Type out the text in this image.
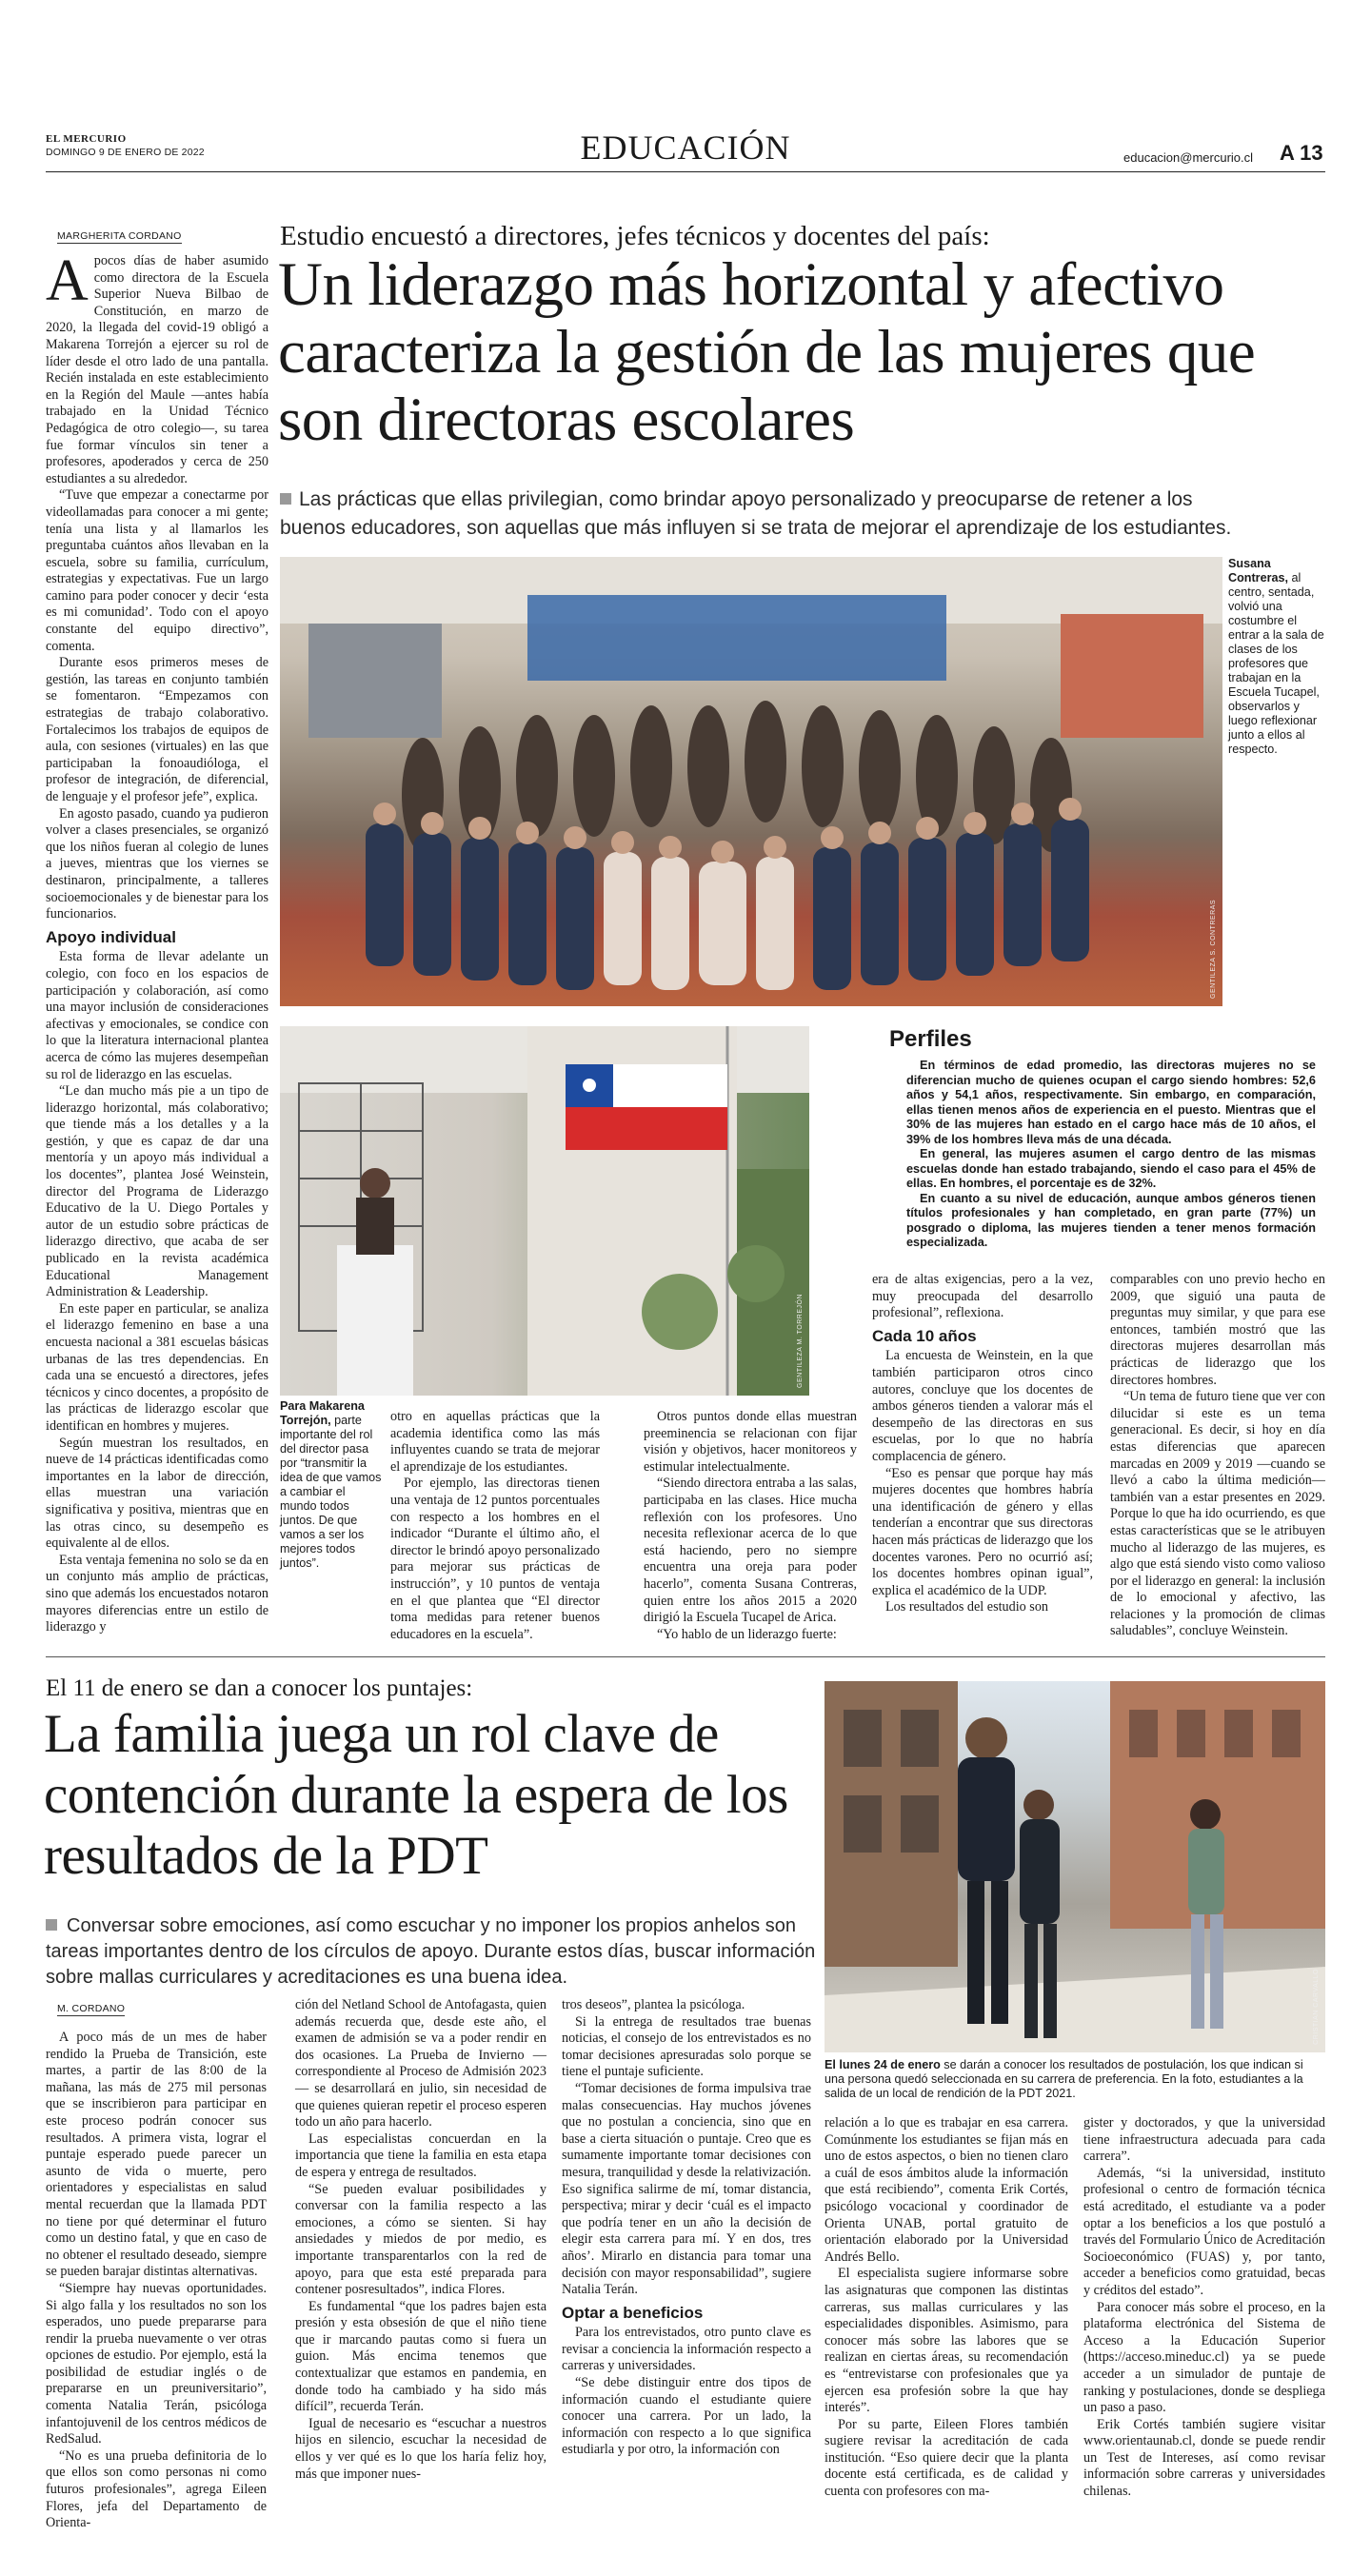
EL MERCURIO
DOMINGO 9 DE ENERO DE 2022	EDUCACIÓN	educacion@mercurio.cl A 13
Estudio encuestó a directores, jefes técnicos y docentes del país:
Un liderazgo más horizontal y afectivo caracteriza la gestión de las mujeres que son directoras escolares
Las prácticas que ellas privilegian, como brindar apoyo personalizado y preocuparse de retener a los buenos educadores, son aquellas que más influyen si se trata de mejorar el aprendizaje de los estudiantes.
MARGHERITA CORDANO
A pocos días de haber asumido como directora de la Escuela Superior Nueva Bilbao de Constitución, en marzo de 2020, la llegada del covid-19 obligó a Makarena Torrejón a ejercer su rol de líder desde el otro lado de una pantalla. Recién instalada en este establecimiento en la Región del Maule —antes había trabajado en la Unidad Técnico Pedagógica de otro colegio—, su tarea fue formar vínculos sin tener a profesores, apoderados y cerca de 250 estudiantes a su alrededor.

“Tuve que empezar a conectarme por videollamadas para conocer a mi gente; tenía una lista y al llamarlos les preguntaba cuántos años llevaban en la escuela, sobre su familia, currículum, estrategias y expectativas. Fue un largo camino para poder conocer y decir ‘esta es mi comunidad’. Todo con el apoyo constante del equipo directivo”, comenta.

Durante esos primeros meses de gestión, las tareas en conjunto también se fomentaron. “Empezamos con estrategias de trabajo colaborativo. Fortalecimos los trabajos de equipos de aula, con sesiones (virtuales) en las que participaban la fonoaudióloga, el profesor de integración, de diferencial, de lenguaje y el profesor jefe”, explica.

En agosto pasado, cuando ya pudieron volver a clases presenciales, se organizó que los niños fueran al colegio de lunes a jueves, mientras que los viernes se destinaron, principalmente, a talleres socioemocionales y de bienestar para los funcionarios.

Apoyo individual

Esta forma de llevar adelante un colegio, con foco en los espacios de participación y colaboración, así como una mayor inclusión de consideraciones afectivas y emocionales, se condice con lo que la literatura internacional plantea acerca de cómo las mujeres desempeñan su rol de liderazgo en las escuelas.

“Le dan mucho más pie a un tipo de liderazgo horizontal, más colaborativo; que tiende más a los detalles y a la gestión, y que es capaz de dar una mentoría y un apoyo más individual a los docentes”, plantea José Weinstein, director del Programa de Liderazgo Educativo de la U. Diego Portales y autor de un estudio sobre prácticas de liderazgo directivo, que acaba de ser publicado en la revista académica Educational Management Administration & Leadership.

En este paper en particular, se analiza el liderazgo femenino en base a una encuesta nacional a 381 escuelas básicas urbanas de las tres dependencias. En cada una se encuestó a directores, jefes técnicos y cinco docentes, a propósito de las prácticas de liderazgo escolar que identifican en hombres y mujeres.

Según muestran los resultados, en nueve de 14 prácticas identificadas como importantes en la labor de dirección, ellas muestran una variación significativa y positiva, mientras que en las otras cinco, su desempeño es equivalente al de ellos.

Esta ventaja femenina no solo se da en un conjunto más amplio de prácticas, sino que además los encuestados notaron mayores diferencias entre un estilo de liderazgo y

GENTILEZA S. CONTRERAS
Susana Contreras, al centro, sentada, volvió una costumbre el entrar a la sala de clases de los profesores que trabajan en la Escuela Tucapel, observarlos y luego reflexionar junto a ellos al respecto.
GENTILEZA M. TORREJÓN
Para Makarena Torrejón, parte importante del rol del director pasa por “transmitir la idea de que vamos a cambiar el mundo todos juntos. De que vamos a ser los mejores todos juntos”.
Perfiles

En términos de edad promedio, las directoras mujeres no se diferencian mucho de quienes ocupan el cargo siendo hombres: 52,6 años y 54,1 años, respectivamente. Sin embargo, en comparación, ellas tienen menos años de experiencia en el puesto. Mientras que el 30% de las mujeres han estado en el cargo hace más de 10 años, el 39% de los hombres lleva más de una década.

En general, las mujeres asumen el cargo dentro de las mismas escuelas donde han estado trabajando, siendo el caso para el 45% de ellas. En hombres, el porcentaje es de 32%.

En cuanto a su nivel de educación, aunque ambos géneros tienen títulos profesionales y han completado, en gran parte (77%) un posgrado o diploma, las mujeres tienden a tener menos formación especializada.

otro en aquellas prácticas que la academia identifica como las más influyentes cuando se trata de mejorar el aprendizaje de los estudiantes.

Por ejemplo, las directoras tienen una ventaja de 12 puntos porcentuales con respecto a los hombres en el indicador “Durante el último año, el director le brindó apoyo personalizado para mejorar sus prácticas de instrucción”, y 10 puntos de ventaja en el que plantea que “El director toma medidas para retener buenos educadores en la escuela”.

Otros puntos donde ellas muestran preeminencia se relacionan con fijar visión y objetivos, hacer monitoreos y estimular intelectualmente.

“Siendo directora entraba a las salas, participaba en las clases. Hice mucha reflexión con los profesores. Uno necesita reflexionar acerca de lo que está haciendo, pero no siempre encuentra una oreja para poder hacerlo”, comenta Susana Contreras, quien entre los años 2015 a 2020 dirigió la Escuela Tucapel de Arica.

“Yo hablo de un liderazgo fuerte:

era de altas exigencias, pero a la vez, muy preocupada del desarrollo profesional”, reflexiona.

Cada 10 años

La encuesta de Weinstein, en la que también participaron otros cinco autores, concluye que los docentes de ambos géneros tienden a valorar más el desempeño de las directoras en sus escuelas, por lo que no habría complacencia de género.

“Eso es pensar que porque hay más mujeres docentes que hombres habría una identificación de género y ellas tenderían a encontrar que sus directoras hacen más prácticas de liderazgo que los docentes varones. Pero no ocurrió así; los docentes hombres opinan igual”, explica el académico de la UDP.

Los resultados del estudio son

comparables con uno previo hecho en 2009, que siguió una pauta de preguntas muy similar, y que para ese entonces, también mostró que las directoras mujeres desarrollan más prácticas de liderazgo que los directores hombres.

“Un tema de futuro tiene que ver con dilucidar si este es un tema generacional. Es decir, si hoy en día estas diferencias que aparecen marcadas en 2009 y 2019 —cuando se llevó a cabo la última medición— también van a estar presentes en 2029. Porque lo que ha ido ocurriendo, es que estas características que se le atribuyen mucho al liderazgo de las mujeres, es algo que está siendo visto como valioso por el liderazgo en general: la inclusión de lo emocional y afectivo, las relaciones y la promoción de climas saludables”, concluye Weinstein.

El 11 de enero se dan a conocer los puntajes:
La familia juega un rol clave de contención durante la espera de los resultados de la PDT
Conversar sobre emociones, así como escuchar y no imponer los propios anhelos son tareas importantes dentro de los círculos de apoyo. Durante estos días, buscar información sobre mallas curriculares y acreditaciones es una buena idea.	CRISTIAN CARVALLO
El lunes 24 de enero se darán a conocer los resultados de postulación, los que indican si una persona quedó seleccionada en su carrera de preferencia. En la foto, estudiantes a la salida de un local de rendición de la PDT 2021.
M. CORDANO

A poco más de un mes de haber rendido la Prueba de Transición, este martes, a partir de las 8:00 de la mañana, las más de 275 mil personas que se inscribieron para participar en este proceso podrán conocer sus resultados. A primera vista, lograr el puntaje esperado puede parecer un asunto de vida o muerte, pero orientadores y especialistas en salud mental recuerdan que la llamada PDT no tiene por qué determinar el futuro como un destino fatal, y que en caso de no obtener el resultado deseado, siempre se pueden barajar distintas alternativas.

“Siempre hay nuevas oportunidades. Si algo falla y los resultados no son los esperados, uno puede prepararse para rendir la prueba nuevamente o ver otras opciones de estudio. Por ejemplo, está la posibilidad de estudiar inglés o de prepararse en un preuniversitario”, comenta Natalia Terán, psicóloga infantojuvenil de los centros médicos de RedSalud.

“No es una prueba definitoria de lo que ellos son como personas ni como futuros profesionales”, agrega Eileen Flores, jefa del Departamento de Orienta-

ción del Netland School de Antofagasta, quien además recuerda que, desde este año, el examen de admisión se va a poder rendir en dos ocasiones. La Prueba de Invierno —correspondiente al Proceso de Admisión 2023— se desarrollará en julio, sin necesidad de que quienes quieran repetir el proceso esperen todo un año para hacerlo.

Las especialistas concuerdan en la importancia que tiene la familia en esta etapa de espera y entrega de resultados.

“Se pueden evaluar posibilidades y conversar con la familia respecto a las emociones, a cómo se sienten. Si hay ansiedades y miedos de por medio, es importante transparentarlos con la red de apoyo, para que esta esté preparada para contener posresultados”, indica Flores.

Es fundamental “que los padres bajen esta presión y esta obsesión de que el niño tiene que ir marcando pautas como si fuera un guion. Más encima tenemos que contextualizar que estamos en pandemia, en donde todo ha cambiado y ha sido más difícil”, recuerda Terán.

Igual de necesario es “escuchar a nuestros hijos en silencio, escuchar la necesidad de ellos y ver qué es lo que los haría feliz hoy, más que imponer nues-

tros deseos”, plantea la psicóloga.

Si la entrega de resultados trae buenas noticias, el consejo de los entrevistados es no tomar decisiones apresuradas solo porque se tiene el puntaje suficiente.

“Tomar decisiones de forma impulsiva trae malas consecuencias. Hay muchos jóvenes que no postulan a conciencia, sino que en base a cierta situación o puntaje. Creo que es sumamente importante tomar decisiones con mesura, tranquilidad y desde la relativización. Eso significa salirme de mí, tomar distancia, perspectiva; mirar y decir ‘cuál es el impacto que podría tener en un año la decisión de elegir esta carrera para mí. Y en dos, tres años’. Mirarlo en distancia para tomar una decisión con mayor responsabilidad”, sugiere Natalia Terán.

Optar a beneficios

Para los entrevistados, otro punto clave es revisar a conciencia la información respecto a carreras y universidades.

“Se debe distinguir entre dos tipos de información cuando el estudiante quiere conocer una carrera. Por un lado, la información con respecto a lo que significa estudiarla y por otro, la información con

relación a lo que es trabajar en esa carrera. Comúnmente los estudiantes se fijan más en uno de estos aspectos, o bien no tienen claro a cuál de esos ámbitos alude la información que está recibiendo”, comenta Erik Cortés, psicólogo vocacional y coordinador de Orienta UNAB, portal gratuito de orientación elaborado por la Universidad Andrés Bello.

El especialista sugiere informarse sobre las asignaturas que componen las distintas carreras, sus mallas curriculares y las especialidades disponibles. Asimismo, para conocer más sobre las labores que se realizan en ciertas áreas, su recomendación es “entrevistarse con profesionales que ya ejercen esa profesión sobre la que hay interés”.

Por su parte, Eileen Flores también sugiere revisar la acreditación de cada institución. “Eso quiere decir que la planta docente está certificada, es de calidad y cuenta con profesores con ma-

gister y doctorados, y que la universidad tiene infraestructura adecuada para cada carrera”.

Además, “si la universidad, instituto profesional o centro de formación técnica está acreditado, el estudiante va a poder optar a los beneficios a los que postuló a través del Formulario Único de Acreditación Socioeconómico (FUAS) y, por tanto, acceder a beneficios como gratuidad, becas y créditos del estado”.

Para conocer más sobre el proceso, en la plataforma electrónica del Sistema de Acceso a la Educación Superior (https://acceso.mineduc.cl) ya se puede acceder a un simulador de puntaje de ranking y postulaciones, donde se despliega un paso a paso.

Erik Cortés también sugiere visitar www.orientaunab.cl, donde se puede rendir un Test de Intereses, así como revisar información sobre carreras y universidades chilenas.
